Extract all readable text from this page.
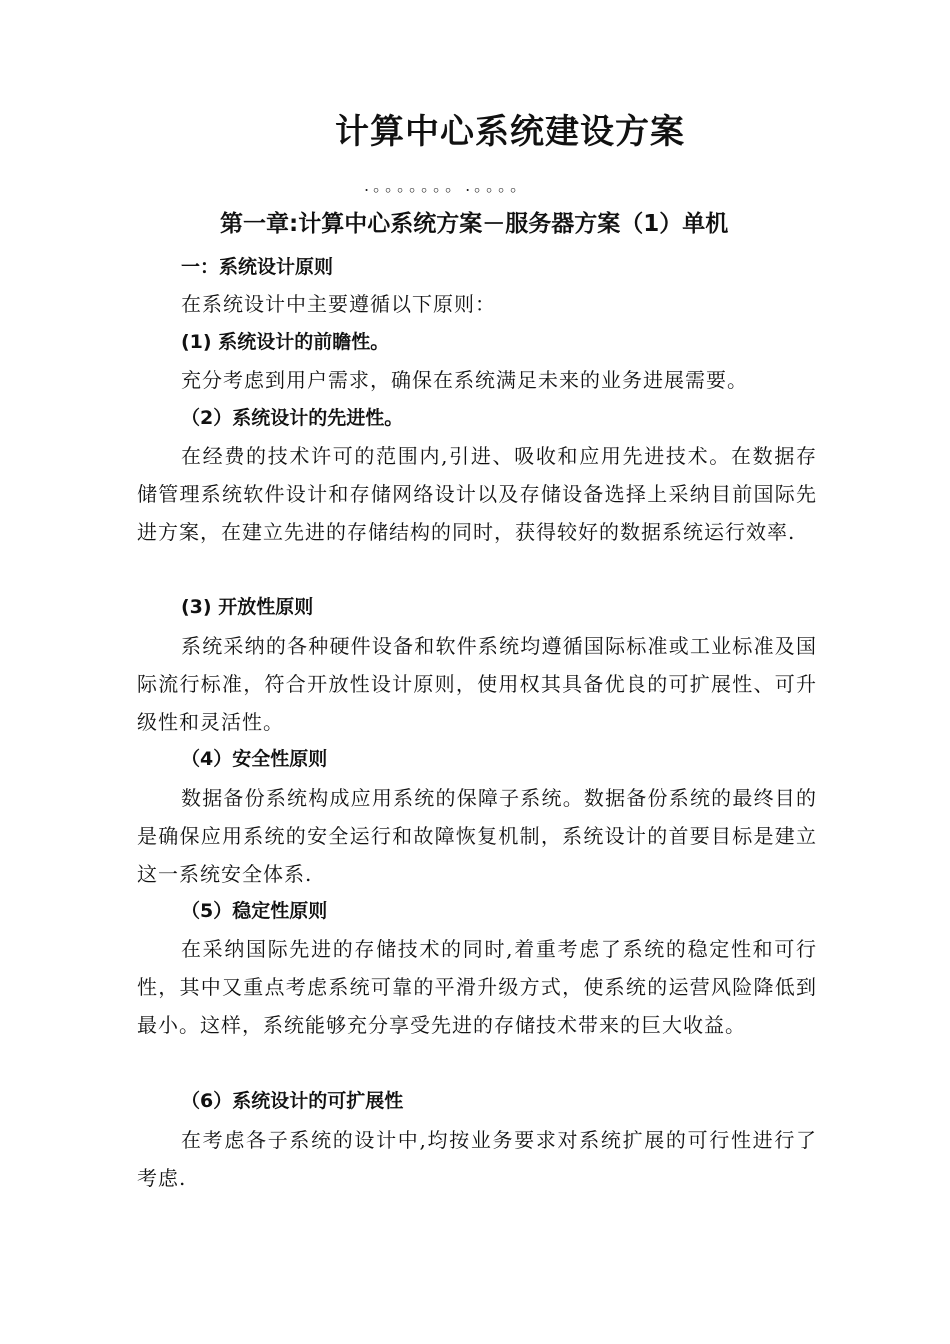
计算中心系统建设方案
.。。。。。。。.。。。。
第一章:计算中心系统方案－服务器方案（1）单机
一：系统设计原则

在系统设计中主要遵循以下原则：

(1) 系统设计的前瞻性。

充分考虑到用户需求，确保在系统满足未来的业务进展需要。

（2）系统设计的先进性。

在经费的技术许可的范围内,引进、吸收和应用先进技术。在数据存储管理系统软件设计和存储网络设计以及存储设备选择上采纳目前国际先进方案，在建立先进的存储结构的同时，获得较好的数据系统运行效率.

(3) 开放性原则

系统采纳的各种硬件设备和软件系统均遵循国际标准或工业标准及国际流行标准，符合开放性设计原则，使用权其具备优良的可扩展性、可升级性和灵活性。

（4）安全性原则

数据备份系统构成应用系统的保障子系统。数据备份系统的最终目的是确保应用系统的安全运行和故障恢复机制，系统设计的首要目标是建立这一系统安全体系.

（5）稳定性原则

在采纳国际先进的存储技术的同时,着重考虑了系统的稳定性和可行性，其中又重点考虑系统可靠的平滑升级方式，使系统的运营风险降低到最小。这样，系统能够充分享受先进的存储技术带来的巨大收益。

（6）系统设计的可扩展性

在考虑各子系统的设计中,均按业务要求对系统扩展的可行性进行了考虑.
